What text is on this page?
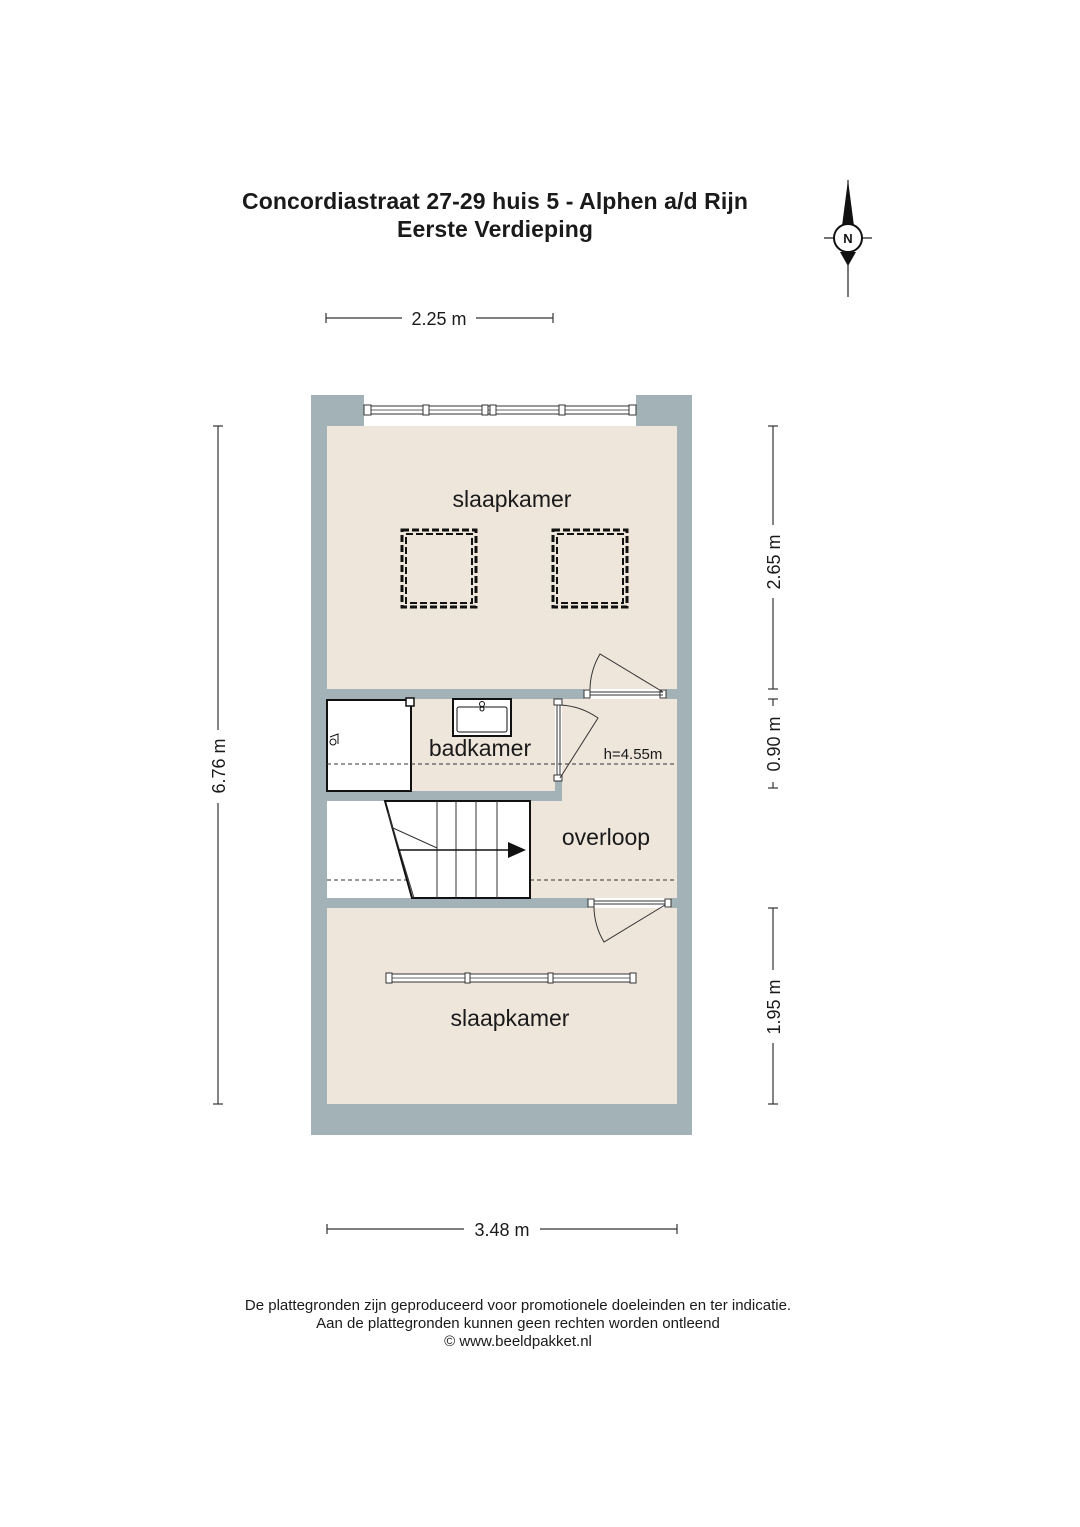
Concordiastraat 27-29 huis 5 - Alphen a/d Rijn
Eerste Verdieping	N
2.25 m
slaapkamer
badkamer	h=4.55m
overloop
slaapkamer
6.76 m
2.65 m
0.90 m
1.95 m
3.48 m
De plattegronden zijn geproduceerd voor promotionele doeleinden en ter indicatie.
Aan de plattegronden kunnen geen rechten worden ontleend
© www.beeldpakket.nl
